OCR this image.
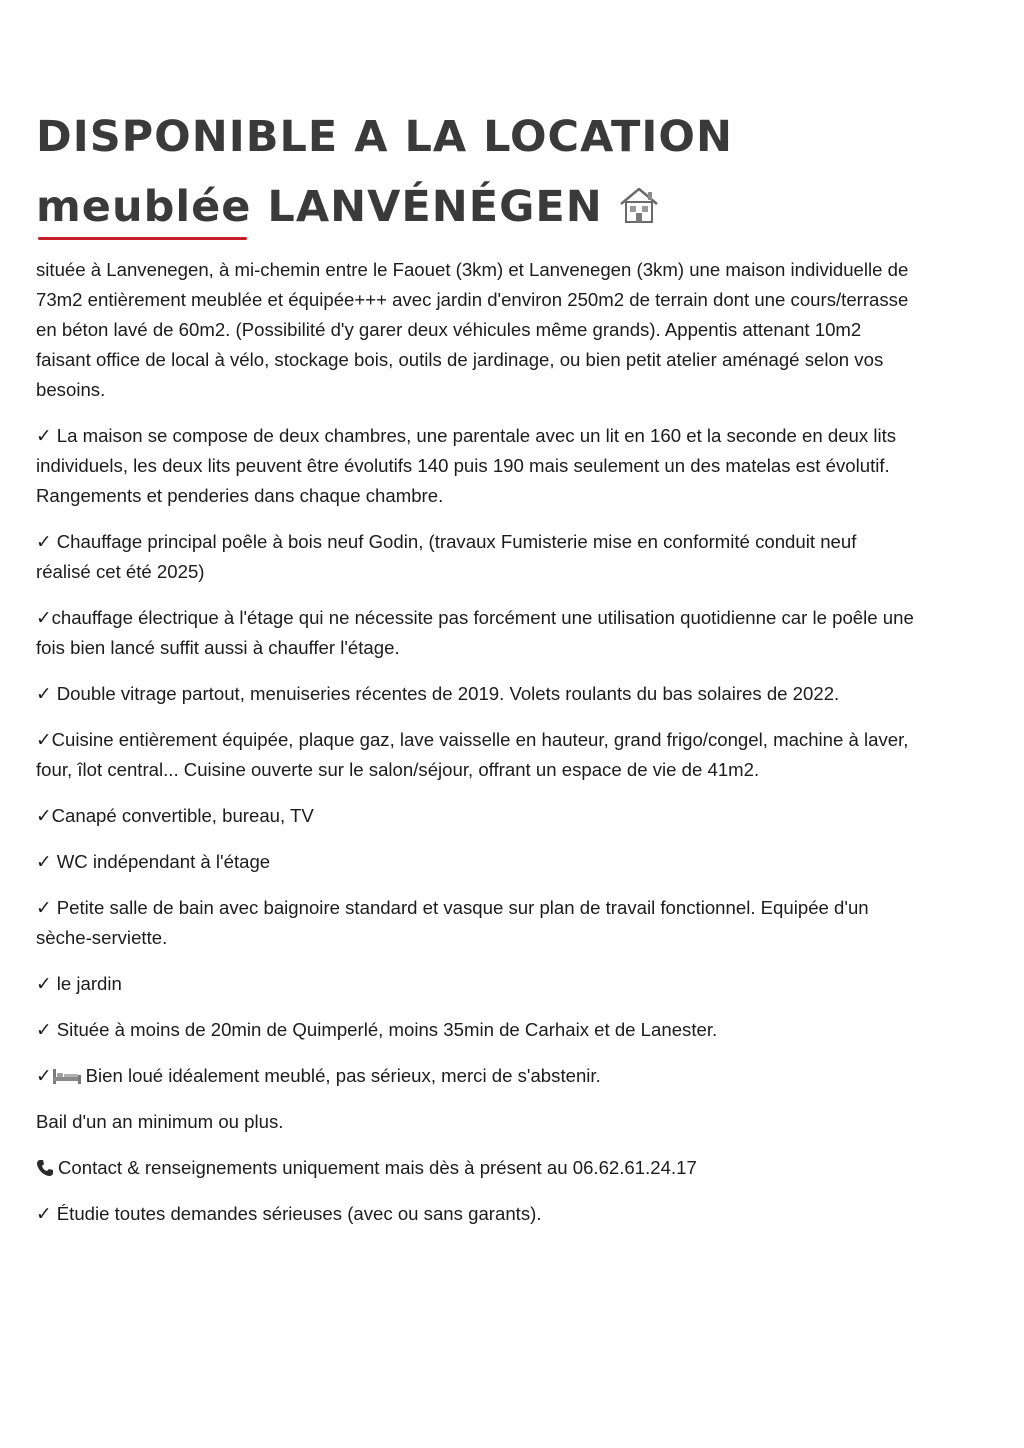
DISPONIBLE A LA LOCATION
meublée LANVÉNÉGEN

située à Lanvenegen, à mi-chemin entre le Faouet (3km) et Lanvenegen (3km) une maison individuelle de 73m2 entièrement meublée et équipée+++ avec jardin d'environ 250m2 de terrain dont une cours/terrasse en béton lavé de 60m2. (Possibilité d'y garer deux véhicules même grands). Appentis attenant 10m2 faisant office de local à vélo, stockage bois, outils de jardinage, ou bien petit atelier aménagé selon vos besoins.

✓ La maison se compose de deux chambres, une parentale avec un lit en 160 et la seconde en deux lits individuels, les deux lits peuvent être évolutifs 140 puis 190 mais seulement un des matelas est évolutif. Rangements et penderies dans chaque chambre.

✓ Chauffage principal poêle à bois neuf Godin, (travaux Fumisterie mise en conformité conduit neuf réalisé cet été 2025)

✓chauffage électrique à l'étage qui ne nécessite pas forcément une utilisation quotidienne car le poêle une fois bien lancé suffit aussi à chauffer l'étage.

✓ Double vitrage partout, menuiseries récentes de 2019. Volets roulants du bas solaires de 2022.

✓Cuisine entièrement équipée, plaque gaz, lave vaisselle en hauteur, grand frigo/congel, machine à laver, four, îlot central... Cuisine ouverte sur le salon/séjour, offrant un espace de vie de 41m2.

✓Canapé convertible, bureau, TV

✓ WC indépendant à l'étage

✓ Petite salle de bain avec baignoire standard et vasque sur plan de travail fonctionnel. Equipée d'un sèche-serviette.

✓ le jardin

✓ Située à moins de 20min de Quimperlé, moins 35min de Carhaix et de Lanester.

✓ Bien loué idéalement meublé, pas sérieux, merci de s'abstenir.

Bail d'un an minimum ou plus.

Contact & renseignements uniquement mais dès à présent au 06.62.61.24.17

✓ Étudie toutes demandes sérieuses (avec ou sans garants).
